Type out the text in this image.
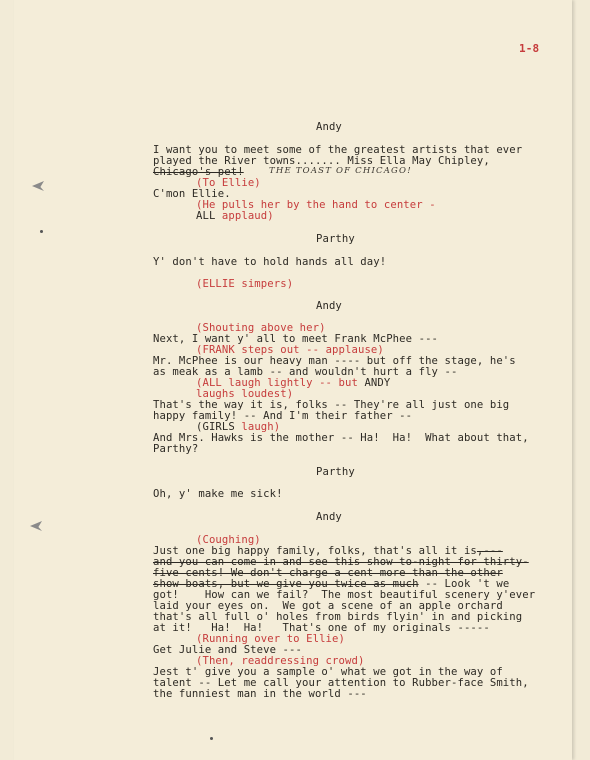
1-8
Andy
I want you to meet some of the greatest artists that ever
played the River towns....... Miss Ella May Chipley,
Chicago's pet!	THE TOAST OF CHICAGO!
(To Ellie)
C'mon Ellie.
(He pulls her by the hand to center -
ALL applaud)
Parthy
Y' don't have to hold hands all day!
(ELLIE simpers)
Andy
(Shouting above her)
Next, I want y' all to meet Frank McPhee ---
(FRANK steps out -- applause)
Mr. McPhee is our heavy man ---- but off the stage, he's
as meak as a lamb -- and wouldn't hurt a fly --
(ALL laugh lightly -- but ANDY
laughs loudest)
That's the way it is, folks -- They're all just one big
happy family! -- And I'm their father --
(GIRLS laugh)
And Mrs. Hawks is the mother -- Ha!  Ha!  What about that,
Parthy?
Parthy
Oh, y' make me sick!
Andy
(Coughing)
Just one big happy family, folks, that's all it is,---
and you can come in and see this show to-night for thirty-
five cents! We don't charge a cent more than the other
show boats, but we give you twice as much -- Look 't we
got!    How can we fail?  The most beautiful scenery y'ever
laid your eyes on.  We got a scene of an apple orchard
that's all full o' holes from birds flyin' in and picking
at it!   Ha!  Ha!   That's one of my originals -----
(Running over to Ellie)
Get Julie and Steve ---
(Then, readdressing crowd)
Jest t' give you a sample o' what we got in the way of
talent -- Let me call your attention to Rubber-face Smith,
the funniest man in the world ---
